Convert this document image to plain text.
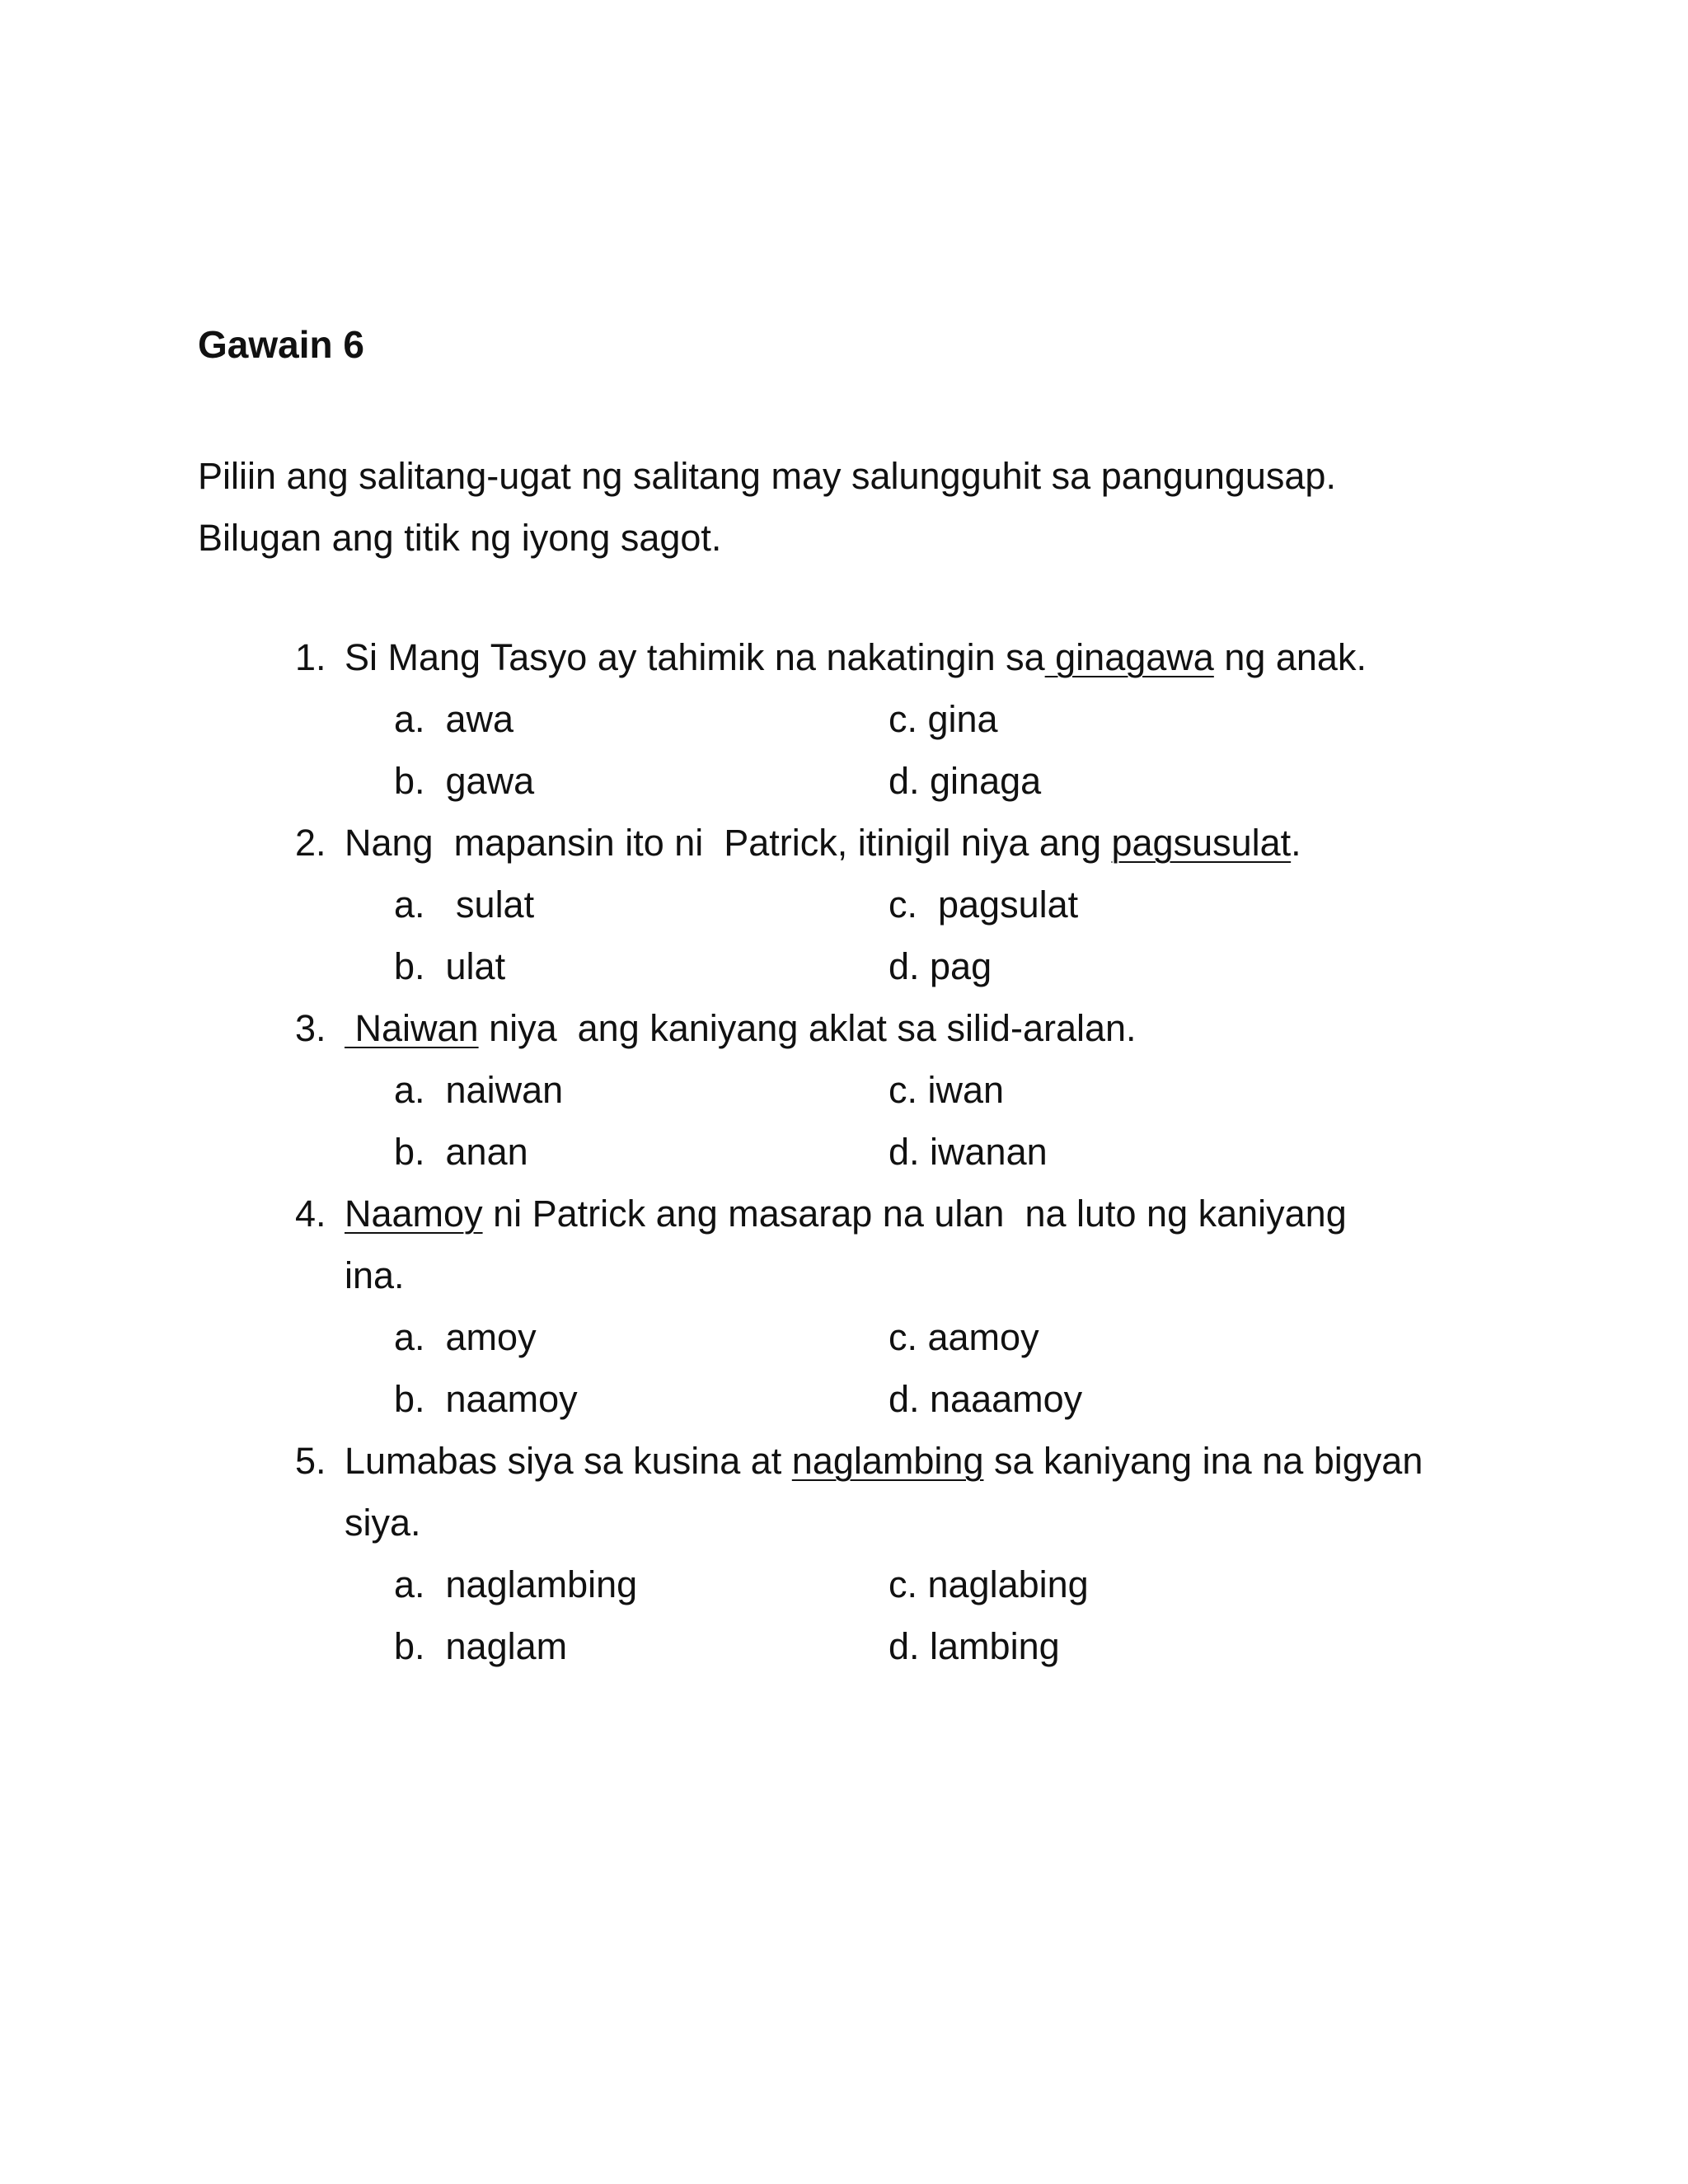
Gawain 6
Piliin ang salitang-ugat ng salitang may salungguhit sa pangungusap.
Bilugan ang titik ng iyong sagot.
1. Si Mang Tasyo ay tahimik na nakatingin sa ginagawa ng anak.
a.  awa	c. gina
b.  gawa	d. ginaga
2. Nang  mapansin ito ni  Patrick, itinigil niya ang pagsusulat.
a.   sulat	c.  pagsulat
b.  ulat	d. pag
3. Naiwan niya  ang kaniyang aklat sa silid-aralan.
a.  naiwan	c. iwan
b.  anan	d. iwanan
4. Naamoy ni Patrick ang masarap na ulan  na luto ng kaniyang
ina.
a.  amoy	c. aamoy
b.  naamoy	d. naaamoy
5. Lumabas siya sa kusina at naglambing sa kaniyang ina na bigyan
siya.
a.  naglambing	c. naglabing
b.  naglam	d. lambing
